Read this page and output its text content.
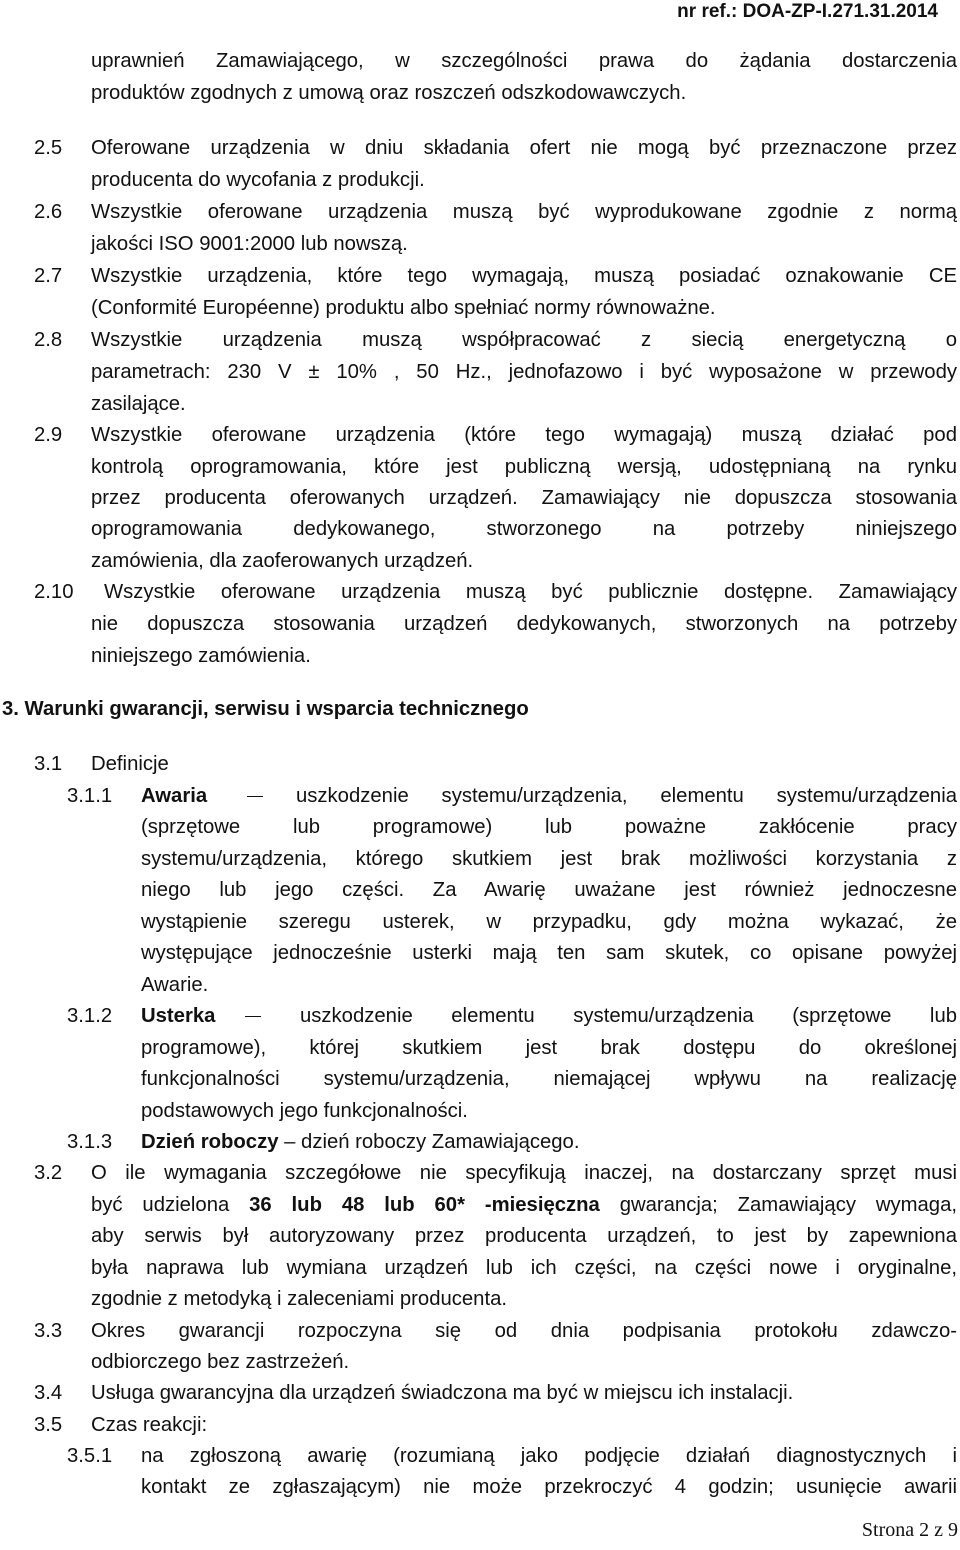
nr ref.: DOA-ZP-I.271.31.2014
uprawnień Zamawiającego, w szczególności prawa do żądania dostarczenia
produktów zgodnych z umową oraz roszczeń odszkodowawczych.
2.5 Oferowane urządzenia w dniu składania ofert nie mogą być przeznaczone przez
producenta do wycofania z produkcji.
2.6 Wszystkie oferowane urządzenia muszą być wyprodukowane zgodnie z normą
jakości ISO 9001:2000 lub nowszą.
2.7 Wszystkie urządzenia, które tego wymagają, muszą posiadać oznakowanie CE
(Conformité Européenne) produktu albo spełniać normy równoważne.
2.8 Wszystkie urządzenia muszą współpracować z siecią energetyczną o
parametrach: 230 V ± 10% , 50 Hz., jednofazowo i być wyposażone w przewody
zasilające.
2.9 Wszystkie oferowane urządzenia (które tego wymagają) muszą działać pod
kontrolą oprogramowania, które jest publiczną wersją, udostępnianą na rynku
przez producenta oferowanych urządzeń. Zamawiający nie dopuszcza stosowania
oprogramowania dedykowanego, stworzonego na potrzeby niniejszego
zamówienia, dla zaoferowanych urządzeń.
2.10 Wszystkie oferowane urządzenia muszą być publicznie dostępne. Zamawiający
nie dopuszcza stosowania urządzeń dedykowanych, stworzonych na potrzeby
niniejszego zamówienia.
3. Warunki gwarancji, serwisu i wsparcia technicznego
3.1 Definicje
3.1.1 Awaria	uszkodzenie systemu/urządzenia, elementu systemu/urządzenia
(sprzętowe lub programowe) lub poważne zakłócenie pracy
systemu/urządzenia, którego skutkiem jest brak możliwości korzystania z
niego lub jego części. Za Awarię uważane jest również jednoczesne
wystąpienie szeregu usterek, w przypadku, gdy można wykazać, że
występujące jednocześnie usterki mają ten sam skutek, co opisane powyżej
Awarie.
3.1.2 Usterka uszkodzenie elementu systemu/urządzenia (sprzętowe lub
programowe), której skutkiem jest brak dostępu do określonej
funkcjonalności systemu/urządzenia, niemającej wpływu na realizację
podstawowych jego funkcjonalności.
3.1.3 Dzień roboczy – dzień roboczy Zamawiającego.
3.2 O ile wymagania szczegółowe nie specyfikują inaczej, na dostarczany sprzęt musi
być udzielona 36 lub 48 lub 60* -miesięczna gwarancja; Zamawiający wymaga,
aby serwis był autoryzowany przez producenta urządzeń, to jest by zapewniona
była naprawa lub wymiana urządzeń lub ich części, na części nowe i oryginalne,
zgodnie z metodyką i zaleceniami producenta.
3.3 Okres gwarancji rozpoczyna się od dnia podpisania protokołu zdawczo-
odbiorczego bez zastrzeżeń.
3.4 Usługa gwarancyjna dla urządzeń świadczona ma być w miejscu ich instalacji.
3.5 Czas reakcji:
3.5.1 na zgłoszoną awarię (rozumianą jako podjęcie działań diagnostycznych i
kontakt ze zgłaszającym) nie może przekroczyć 4 godzin; usunięcie awarii
Strona 2 z 9
